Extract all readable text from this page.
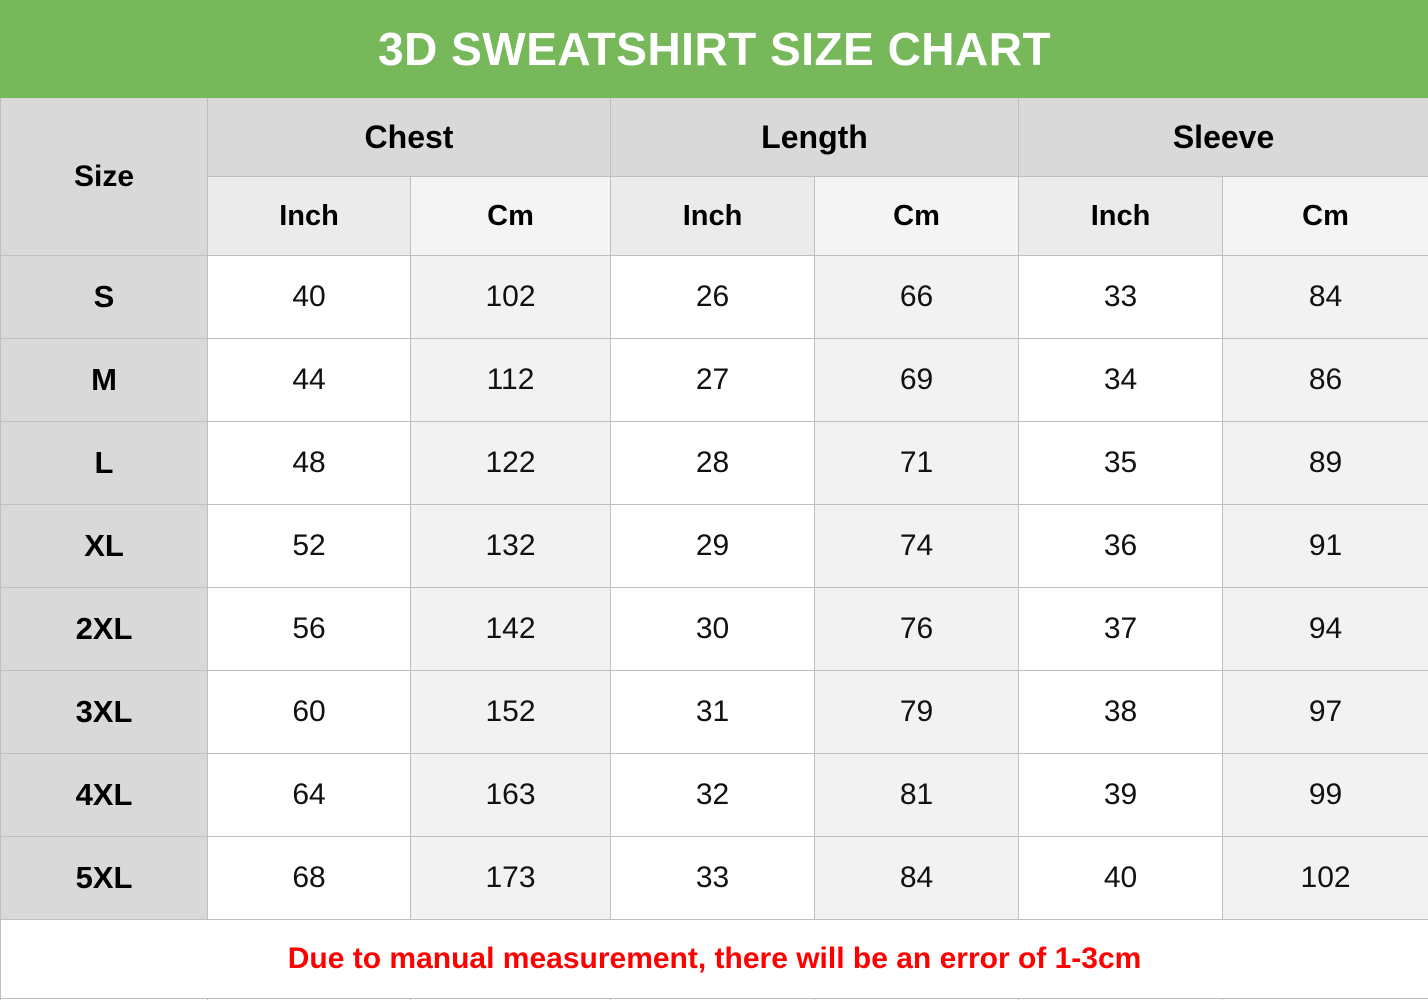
3D SWEATSHIRT SIZE CHART						
Size	Chest		Length		Sleeve	
	Inch	Cm	Inch	Cm	Inch	Cm
S	40	102	26	66	33	84
M	44	112	27	69	34	86
L	48	122	28	71	35	89
XL	52	132	29	74	36	91
2XL	56	142	30	76	37	94
3XL	60	152	31	79	38	97
4XL	64	163	32	81	39	99
5XL	68	173	33	84	40	102
Due to manual measurement, there will be an error of 1-3cm						
